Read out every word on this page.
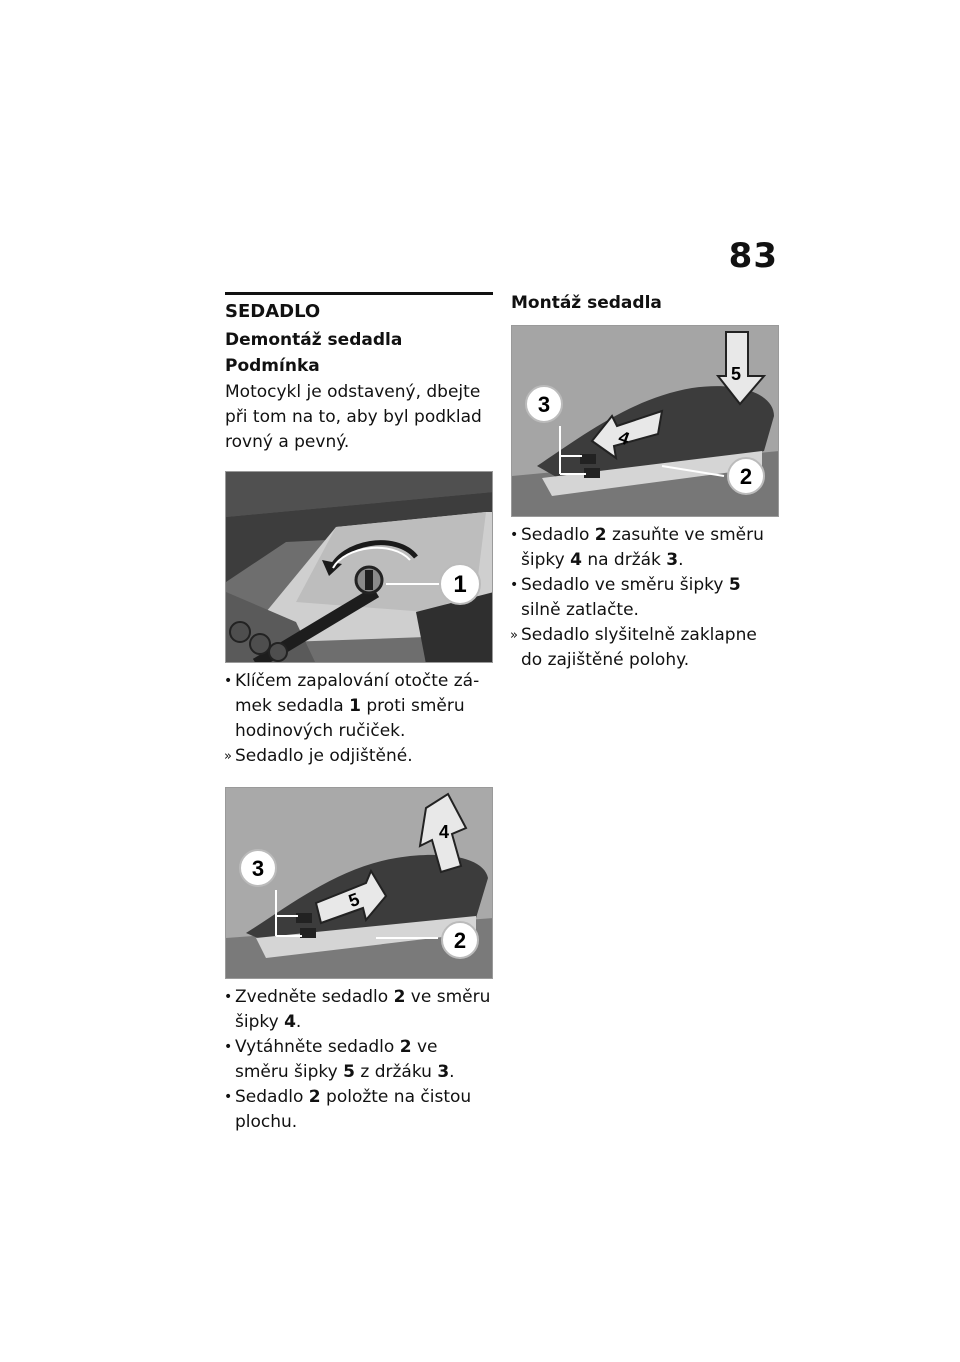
83
SEDADLO
Demontáž sedadla
Podmínka
Motocykl je odstavený, dbejte při tom na to, aby byl podklad rovný a pevný.
1
• Klíčem zapalování otočte zá-mek sedadla 1 proti směru hodinových ručiček.
» Sedadlo je odjištěné.
3
4
5
2
• Zvedněte sedadlo 2 ve směru šipky 4.
• Vytáhněte sedadlo 2 ve směru šipky 5 z držáku 3.
• Sedadlo 2 položte na čistou plochu.
Montáž sedadla
5
3
4
2
• Sedadlo 2 zasuňte ve směru šipky 4 na držák 3.
• Sedadlo ve směru šipky 5 silně zatlačte.
» Sedadlo slyšitelně zaklapne do zajištěné polohy.
